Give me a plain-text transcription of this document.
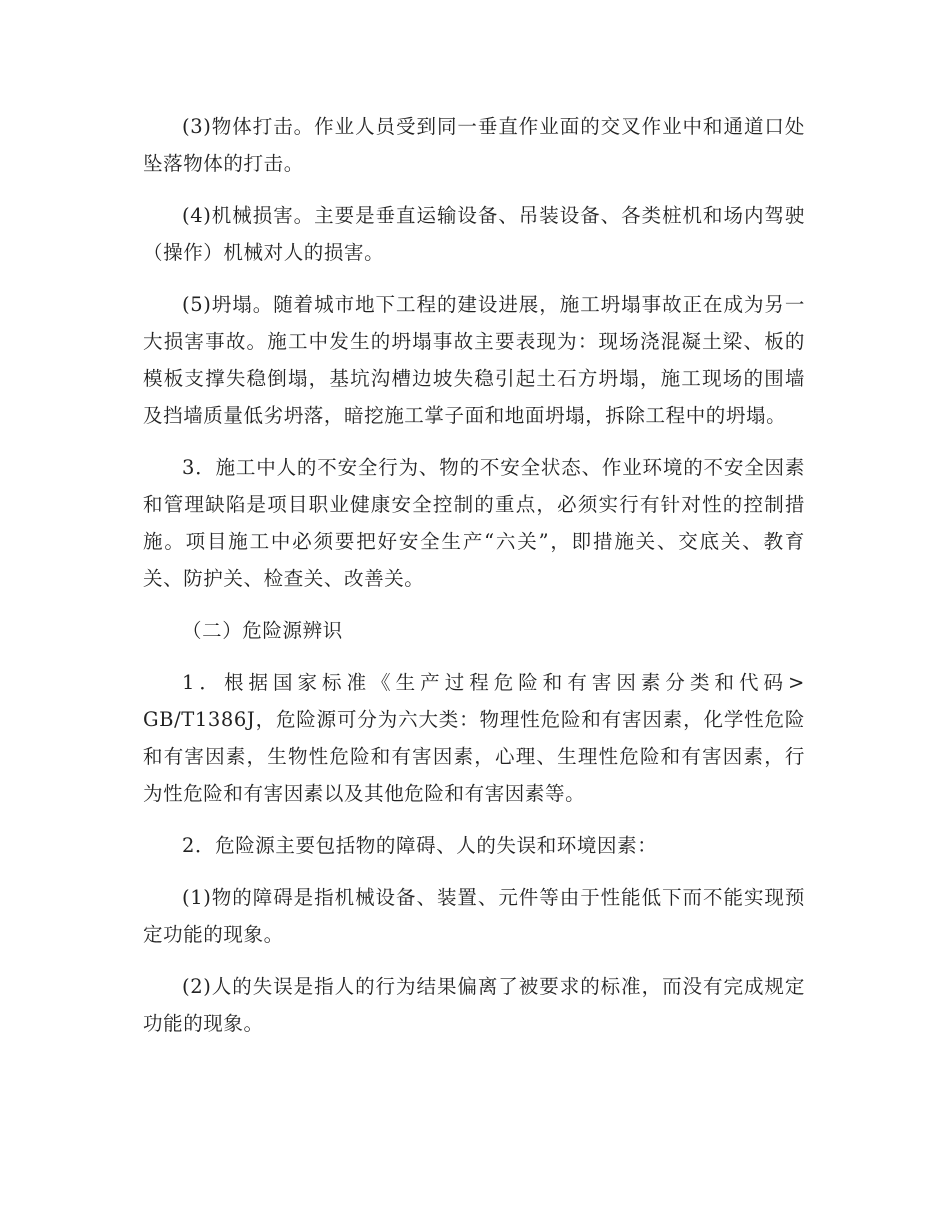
(3)物体打击。作业人员受到同一垂直作业面的交叉作业中和通道口处坠落物体的打击。

(4)机械损害。主要是垂直运输设备、吊装设备、各类桩机和场内驾驶（操作）机械对人的损害。

(5)坍塌。随着城市地下工程的建设进展，施工坍塌事故正在成为另一大损害事故。施工中发生的坍塌事故主要表现为：现场浇混凝土梁、板的模板支撑失稳倒塌，基坑沟槽边坡失稳引起土石方坍塌，施工现场的围墙及挡墙质量低劣坍落，暗挖施工掌子面和地面坍塌，拆除工程中的坍塌。

3．施工中人的不安全行为、物的不安全状态、作业环境的不安全因素和管理缺陷是项目职业健康安全控制的重点，必须实行有针对性的控制措施。项目施工中必须要把好安全生产“六关”，即措施关、交底关、教育关、防护关、检查关、改善关。

（二）危险源辨识

1．根据国家标准《生产过程危险和有害因素分类和代码> GB/T1386J，危险源可分为六大类：物理性危险和有害因素，化学性危险和有害因素，生物性危险和有害因素，心理、生理性危险和有害因素，行为性危险和有害因素以及其他危险和有害因素等。

2．危险源主要包括物的障碍、人的失误和环境因素：

(1)物的障碍是指机械设备、装置、元件等由于性能低下而不能实现预定功能的现象。

(2)人的失误是指人的行为结果偏离了被要求的标准，而没有完成规定功能的现象。
